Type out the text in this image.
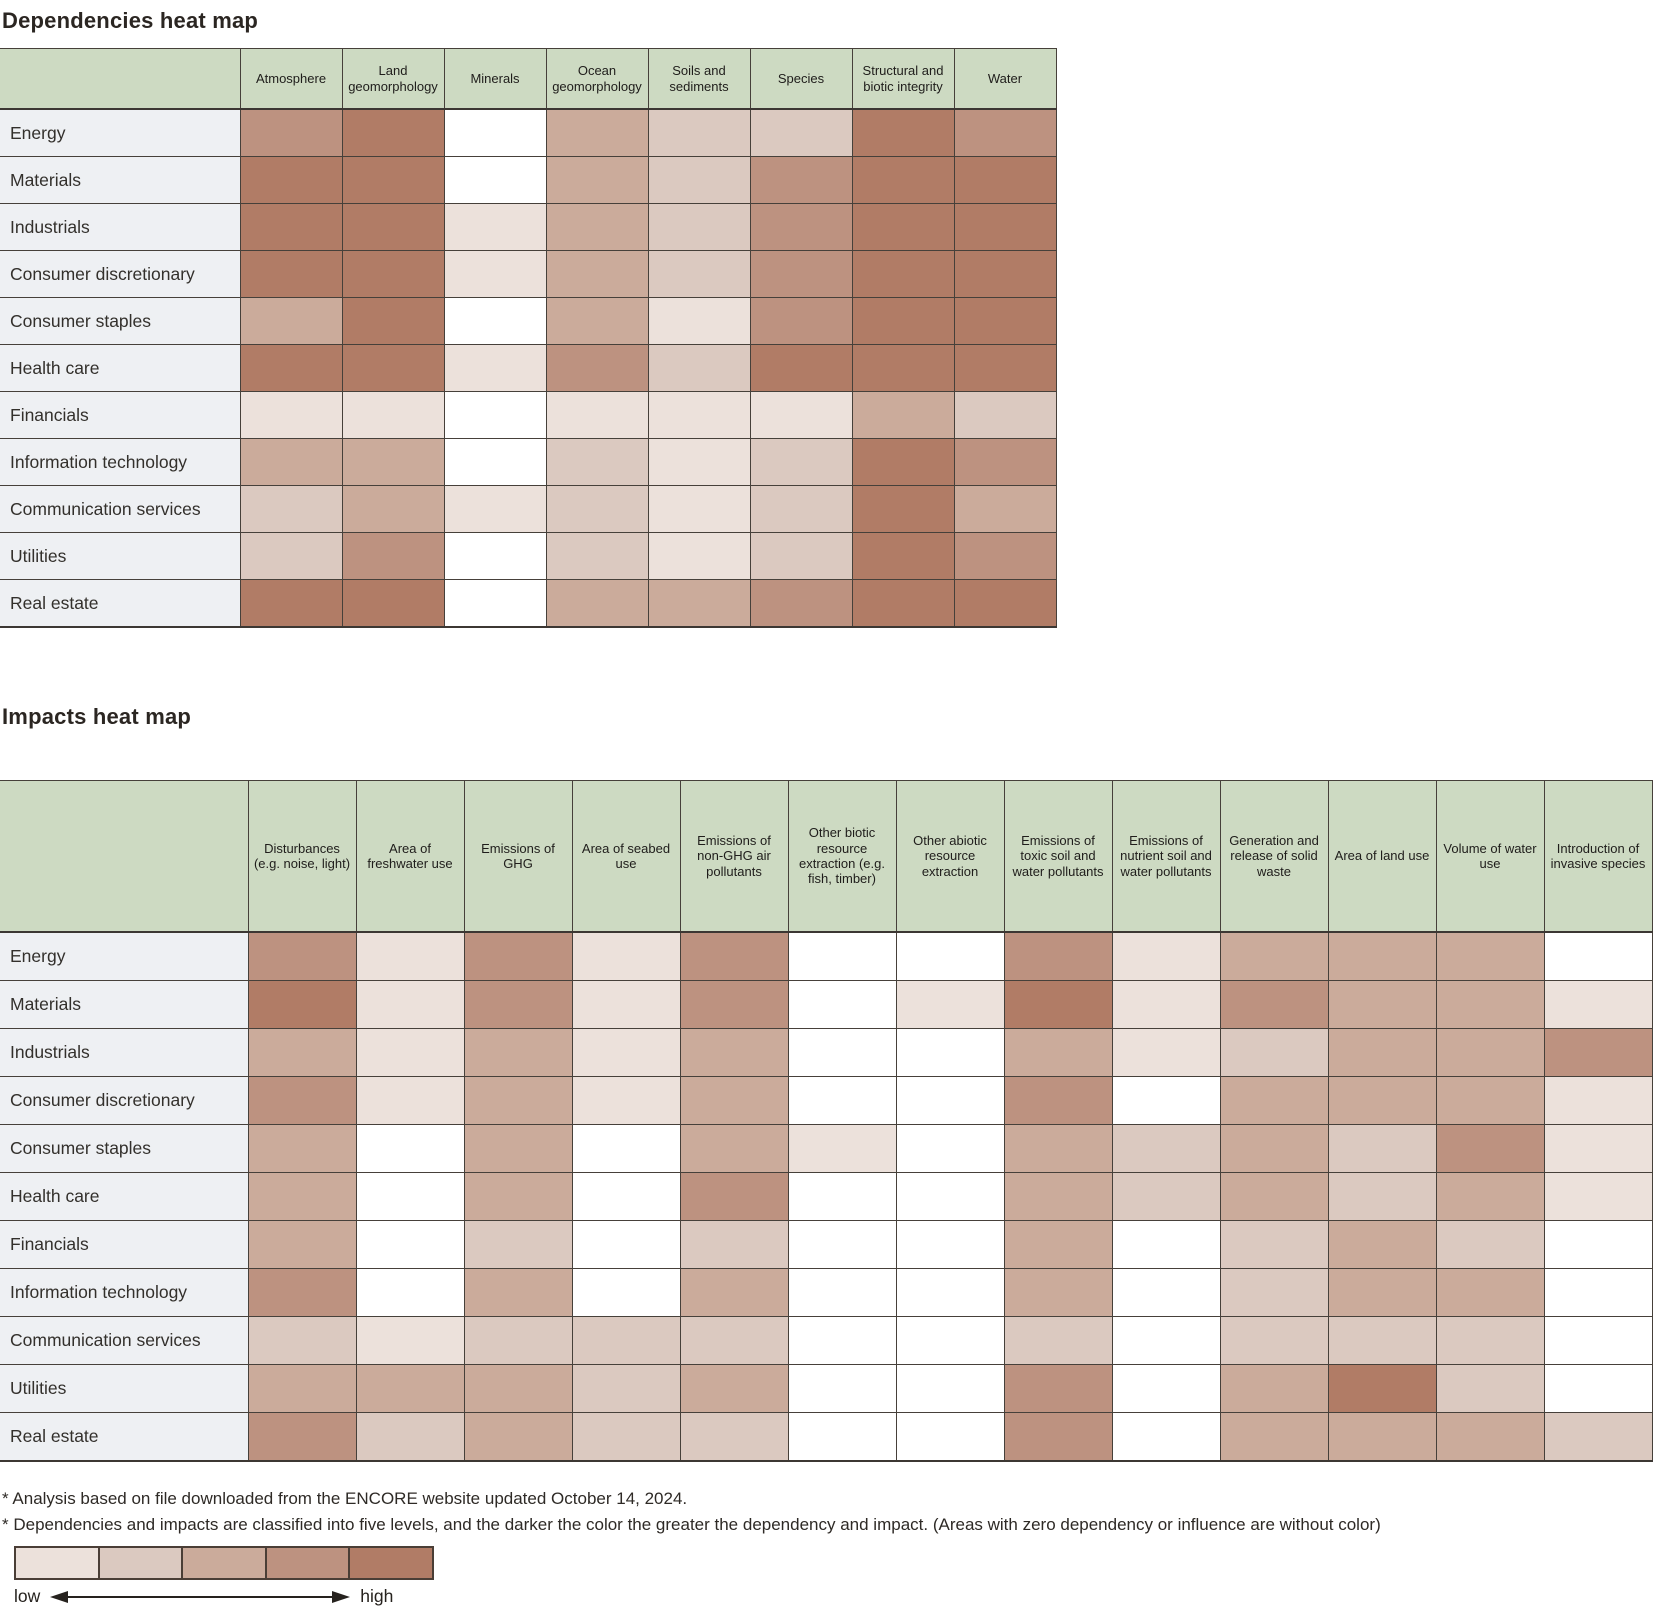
Dependencies heat map
	Atmosphere	Land geomorphology	Minerals	Ocean geomorphology	Soils and sediments	Species	Structural and biotic integrity	Water
Energy								
Materials								
Industrials								
Consumer discretionary								
Consumer staples								
Health care								
Financials								
Information technology								
Communication services								
Utilities								
Real estate								
Impacts heat map
	Disturbances (e.g. noise, light)	Area of freshwater use	Emissions of GHG	Area of seabed use	Emissions of non-GHG air pollutants	Other biotic resource extraction (e.g. fish, timber)	Other abiotic resource extraction	Emissions of toxic soil and water pollutants	Emissions of nutrient soil and water pollutants	Generation and release of solid waste	Area of land use	Volume of water use	Introduction of invasive species
Energy													
Materials													
Industrials													
Consumer discretionary													
Consumer staples													
Health care													
Financials													
Information technology													
Communication services													
Utilities													
Real estate													
* Analysis based on file downloaded from the ENCORE website updated October 14, 2024.
* Dependencies and impacts are classified into five levels, and the darker the color the greater the dependency and impact. (Areas with zero dependency or influence are without color)
low	high
